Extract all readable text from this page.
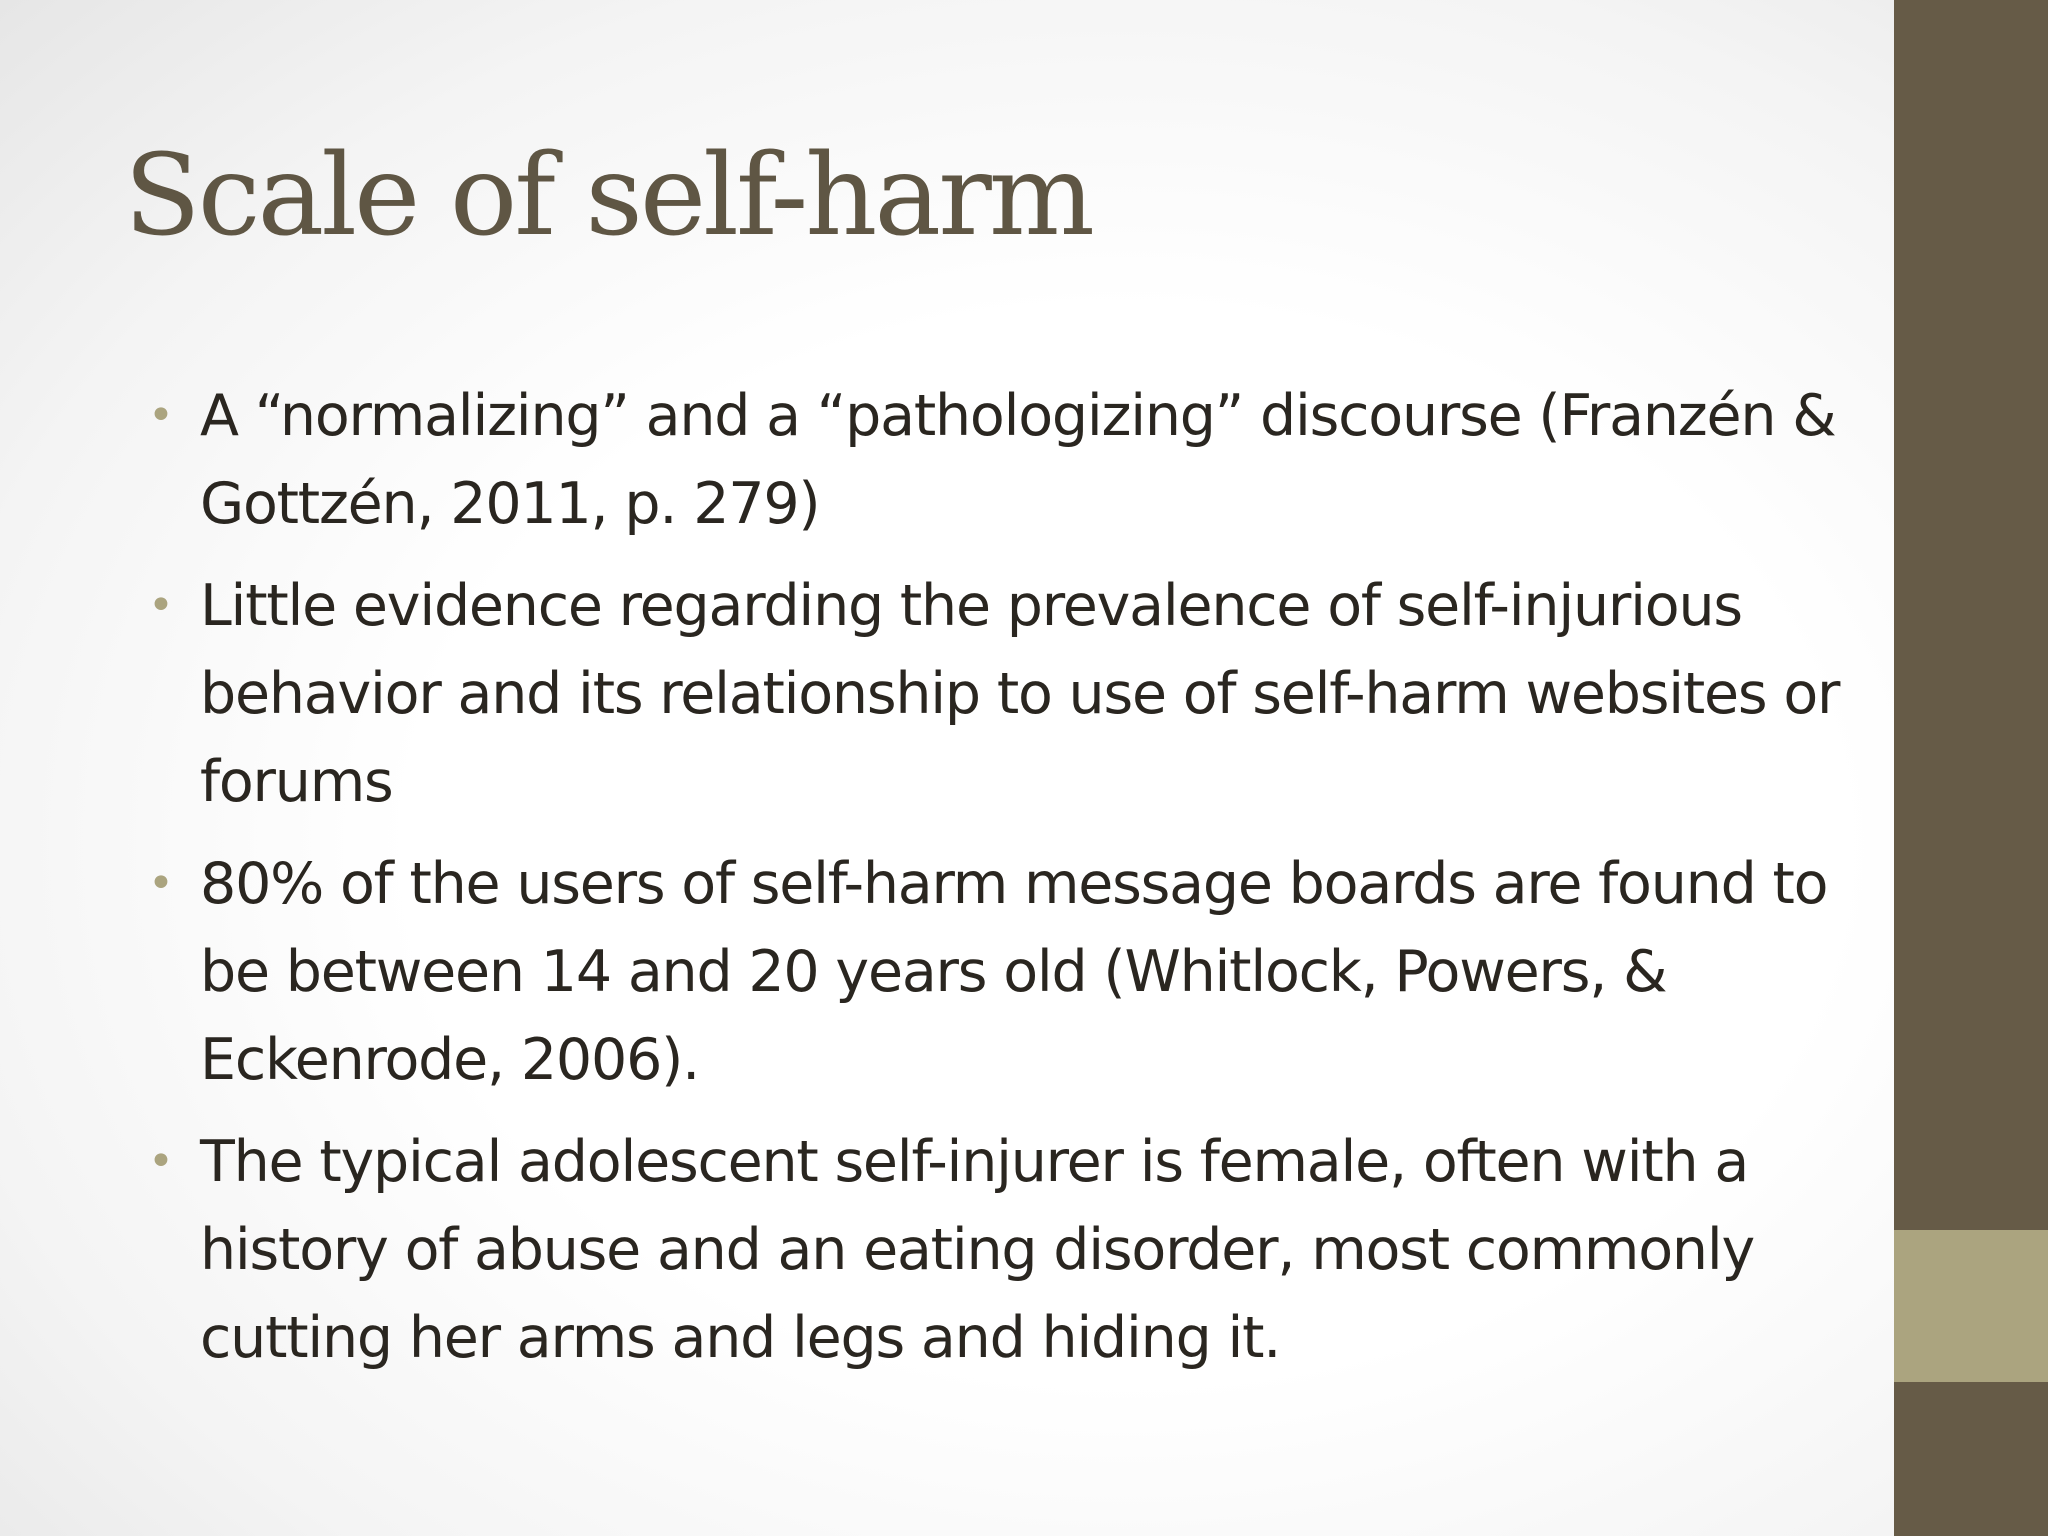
Scale of self-harm
• A “normalizing” and a “pathologizing” discourse (Franzén & Gottzén, 2011, p. 279)
• Little evidence regarding the prevalence of self-injurious behavior and its relationship to use of self-harm websites or forums
• 80% of the users of self-harm message boards are found to be between 14 and 20 years old (Whitlock, Powers, & Eckenrode, 2006).
• The typical adolescent self-injurer is female, often with a history of abuse and an eating disorder, most commonly cutting her arms and legs and hiding it.
